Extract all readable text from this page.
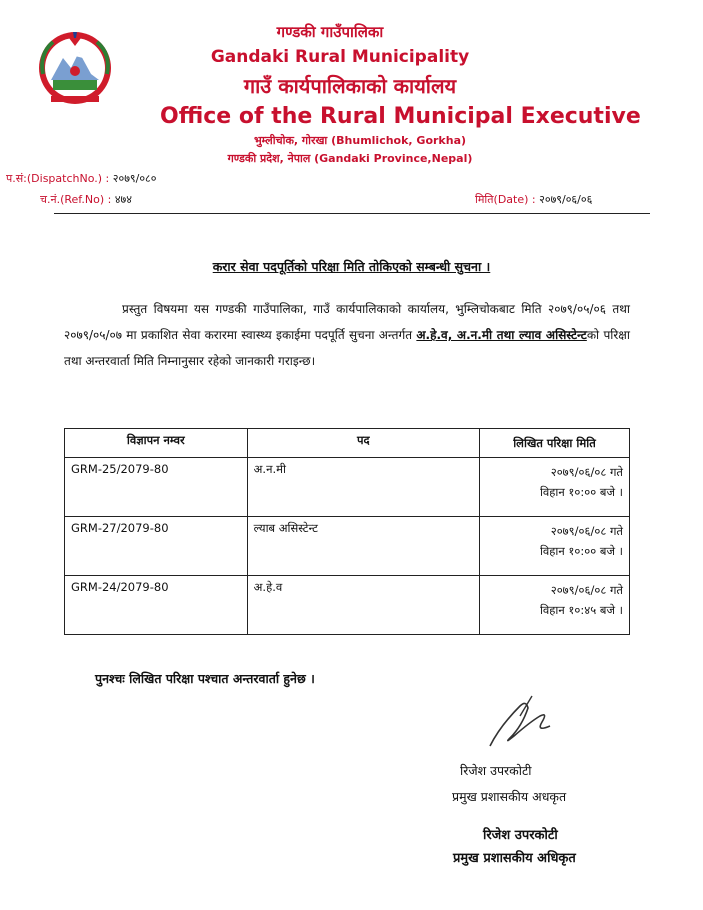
गण्डकी गाउँपालिका
Gandaki Rural Municipality
गाउँ कार्यपालिकाको कार्यालय
Office of the Rural Municipal Executive
भुम्लीचोक, गोरखा (Bhumlichok, Gorkha)
गण्डकी प्रदेश, नेपाल (Gandaki Province,Nepal)
प.सं:(DispatchNo.) : २०७९/०८०
च.नं.(Ref.No) : ४७४	मिति(Date) : २०७९/०६/०६
करार सेवा पदपूर्तिको परिक्षा मिति तोकिएको सम्बन्धी सुचना ।
प्रस्तुत विषयमा यस गण्डकी गाउँपालिका, गाउँ कार्यपालिकाको कार्यालय, भुम्लिचोकबाट मिति २०७९/०५/०६ तथा २०७९/०५/०७ मा प्रकाशित सेवा करारमा स्वास्थ्य इकाईमा पदपूर्ति सुचना अन्तर्गत अ.हे.व, अ.न.मी तथा ल्याव असिस्टेन्टको परिक्षा तथा अन्तरवार्ता मिति निम्नानुसार रहेको जानकारी गराइन्छ।
विज्ञापन नम्वर	पद	लिखित परिक्षा मिति
GRM-25/2079-80	अ.न.मी	२०७९/०६/०८ गते
विहान १०:०० बजे ।

GRM-27/2079-80	ल्याब असिस्टेन्ट	२०७९/०६/०८ गते
विहान १०:०० बजे ।

GRM-24/2079-80	अ.हे.व	२०७९/०६/०८ गते
विहान १०:४५ बजे ।
पुनश्चः लिखित परिक्षा पश्चात अन्तरवार्ता हुनेछ ।
रिजेश उपरकोटी
प्रमुख प्रशासकीय अधकृत
रिजेश उपरकोटी
प्रमुख प्रशासकीय अधिकृत
